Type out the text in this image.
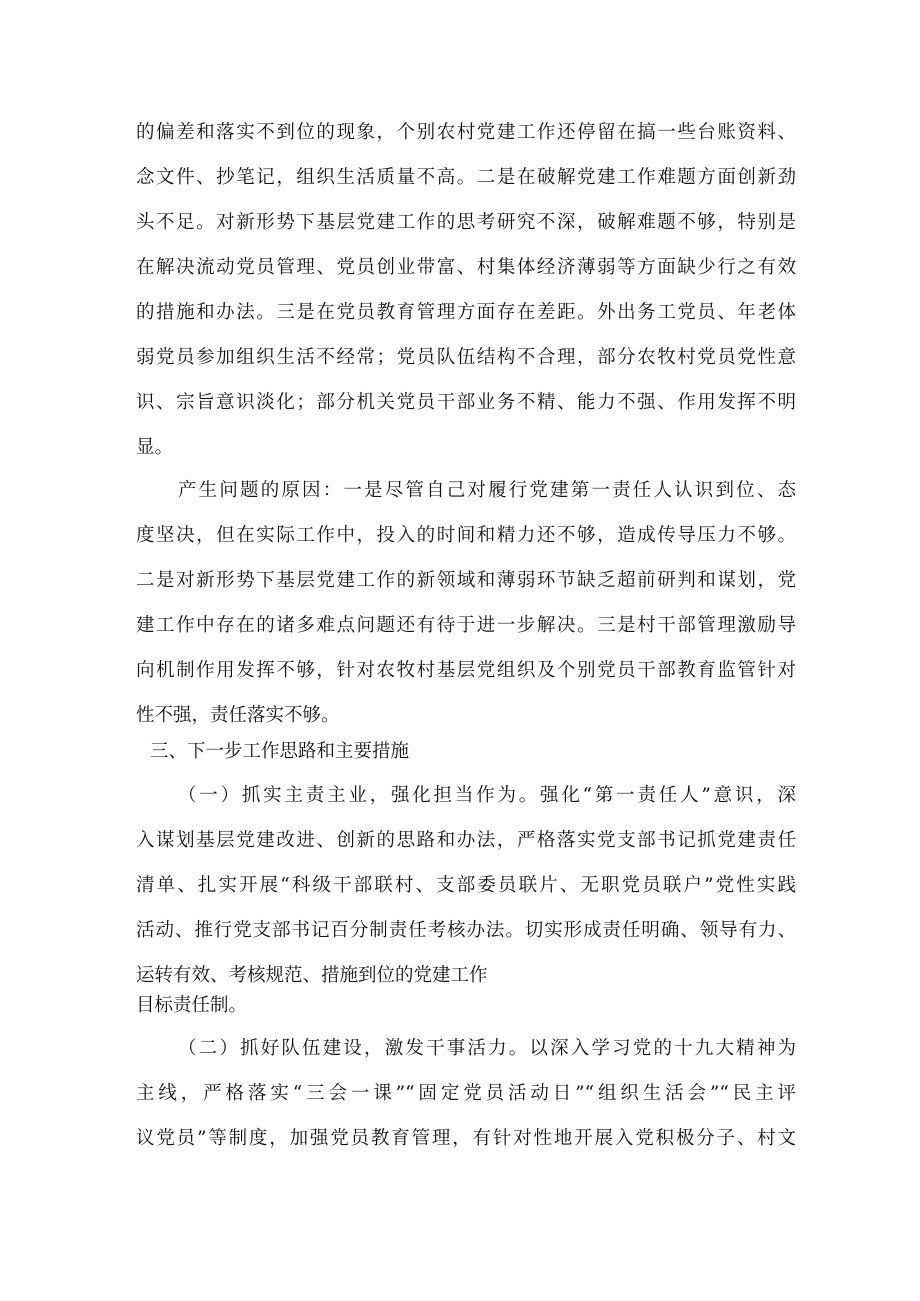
的偏差和落实不到位的现象，个别农村党建工作还停留在搞一些台账资料、
念文件、抄笔记，组织生活质量不高。二是在破解党建工作难题方面创新劲
头不足。对新形势下基层党建工作的思考研究不深，破解难题不够，特别是
在解决流动党员管理、党员创业带富、村集体经济薄弱等方面缺少行之有效
的措施和办法。三是在党员教育管理方面存在差距。外出务工党员、年老体
弱党员参加组织生活不经常；党员队伍结构不合理，部分农牧村党员党性意
识、宗旨意识淡化；部分机关党员干部业务不精、能力不强、作用发挥不明
显。
产生问题的原因：一是尽管自己对履行党建第一责任人认识到位、态
度坚决，但在实际工作中，投入的时间和精力还不够，造成传导压力不够。
二是对新形势下基层党建工作的新领域和薄弱环节缺乏超前研判和谋划，党
建工作中存在的诸多难点问题还有待于进一步解决。三是村干部管理激励导
向机制作用发挥不够，针对农牧村基层党组织及个别党员干部教育监管针对
性不强，责任落实不够。
三、下一步工作思路和主要措施
（一）抓实主责主业，强化担当作为。强化“第一责任人”意识，深
入谋划基层党建改进、创新的思路和办法，严格落实党支部书记抓党建责任
清单、扎实开展“科级干部联村、支部委员联片、无职党员联户”党性实践
活动、推行党支部书记百分制责任考核办法。切实形成责任明确、领导有力、
运转有效、考核规范、措施到位的党建工作
目标责任制。
（二）抓好队伍建设，激发干事活力。以深入学习党的十九大精神为
主线，严格落实“三会一课”“固定党员活动日”“组织生活会”“民主评
议党员”等制度，加强党员教育管理，有针对性地开展入党积极分子、村文
